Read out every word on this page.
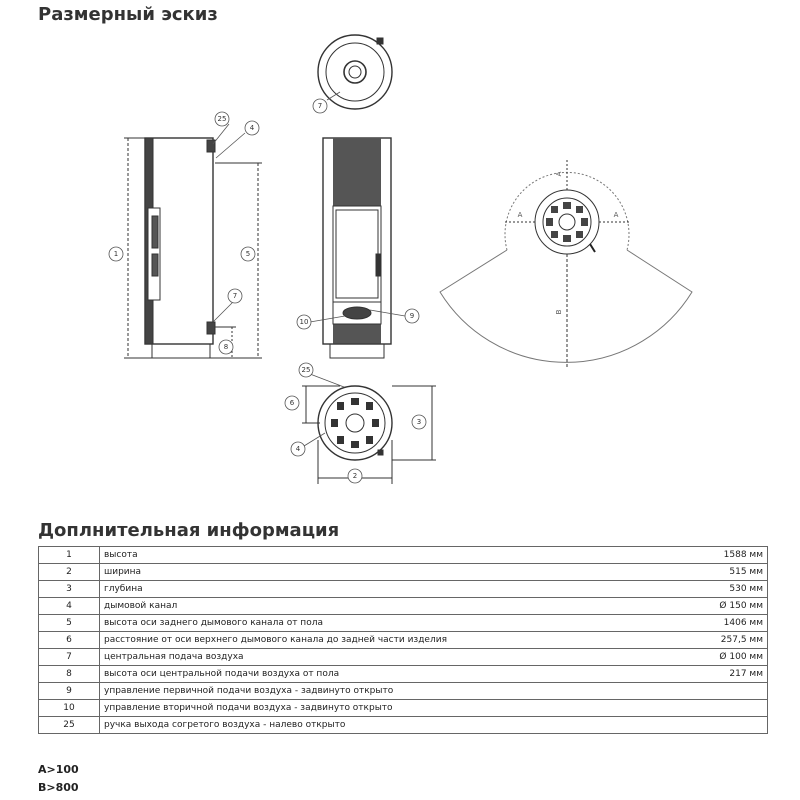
Размерный эскиз
7
25
4
1	5
7
8
10
9
25
6
3
4
2
A
A	A
B
Доплнительная информация
1	высота	1588 мм
2	ширина	515 мм
3	глубина	530 мм
4	дымовой канал	Ø 150 мм
5	высота оси заднего дымового канала от пола	1406 мм
6	расстояние от оси верхнего дымового канала до задней части изделия	257,5 мм
7	центральная подача воздуха	Ø 100 мм
8	высота оси центральной подачи воздуха от пола	217 мм
9	управление первичной подачи воздуха - задвинуто открыто	
10	управление вторичной подачи воздуха - задвинуто открыто	
25	ручка выхода согретого воздуха - налево открыто	
A>100
B>800
